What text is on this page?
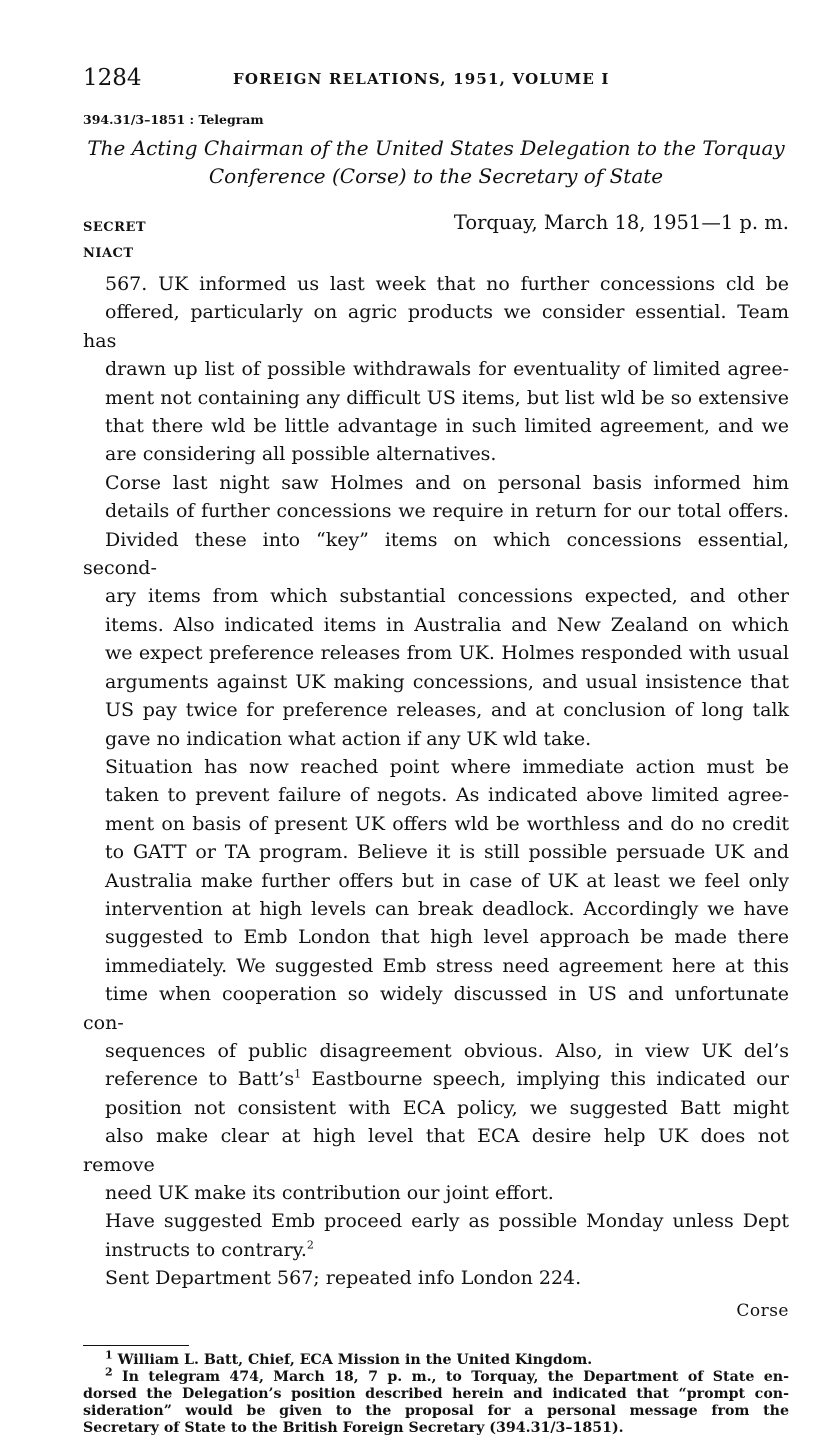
1284	FOREIGN RELATIONS, 1951, VOLUME I
394.31/3–1851 : Telegram
The Acting Chairman of the United States Delegation to the Torquay
Conference (Corse) to the Secretary of State
SECRET	Torquay, March 18, 1951—1 p. m.
NIACT

567. UK informed us last week that no further concessions cld be
offered, particularly on agric products we consider essential. Team has
drawn up list of possible withdrawals for eventuality of limited agree-
ment not containing any difficult US items, but list wld be so extensive
that there wld be little advantage in such limited agreement, and we
are considering all possible alternatives.

Corse last night saw Holmes and on personal basis informed him
details of further concessions we require in return for our total offers.
Divided these into “key” items on which concessions essential, second-
ary items from which substantial concessions expected, and other
items. Also indicated items in Australia and New Zealand on which
we expect preference releases from UK. Holmes responded with usual
arguments against UK making concessions, and usual insistence that
US pay twice for preference releases, and at conclusion of long talk
gave no indication what action if any UK wld take.

Situation has now reached point where immediate action must be
taken to prevent failure of negots. As indicated above limited agree-
ment on basis of present UK offers wld be worthless and do no credit
to GATT or TA program. Believe it is still possible persuade UK and
Australia make further offers but in case of UK at least we feel only
intervention at high levels can break deadlock. Accordingly we have
suggested to Emb London that high level approach be made there
immediately. We suggested Emb stress need agreement here at this
time when cooperation so widely discussed in US and unfortunate con-
sequences of public disagreement obvious. Also, in view UK del’s
reference to $Batt’s^1$ Eastbourne speech, implying this indicated our
position not consistent with ECA policy, we suggested Batt might
also make clear at high level that ECA desire help UK does not remove
need UK make its contribution our joint effort.

Have suggested Emb proceed early as possible Monday unless Dept
instructs to contrary.$^2$

Sent Department 567; repeated info London 224.

Corse

$^1$ William L. Batt, Chief, ECA Mission in the United Kingdom.

$^2$ In telegram 474, March 18, 7 p. m., to Torquay, the Department of State en-

dorsed the Delegation’s position described herein and indicated that “prompt con-
sideration” would be given to the proposal for a personal message from the
Secretary of State to the British Foreign Secretary (394.31/3–1851).
